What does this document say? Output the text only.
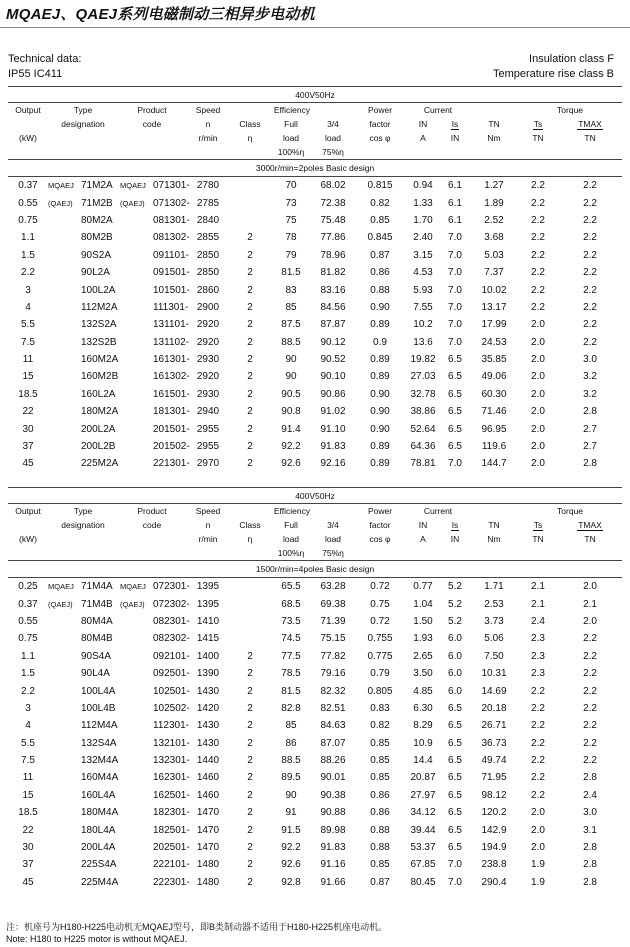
MQAEJ、QAEJ系列电磁制动三相异步电动机
Technical data:
IP55 IC411
Insulation class F
Temperature rise class B
400V50Hz												
Output	Type	Product	Speed	Efficiency			Power	Current			Torque	
	designation	code	n	Class	Full	3/4	factor	IN	Is	TN	Ts	TMAX
(kW)			r/min	η	load	load	cos φ	A	IN	Nm	TN	TN
					100%η	75%η						
3000r/min=2poles Basic design												
0.37	MQAEJ 71M2A	MQAEJ 071301-	2780		70	68.02	0.815	0.94	6.1	1.27	2.2	2.2
0.55	(QAEJ) 71M2B	(QAEJ) 071302-	2785		73	72.38	0.82	1.33	6.1	1.89	2.2	2.2
0.75	80M2A	081301-	2840		75	75.48	0.85	1.70	6.1	2.52	2.2	2.2
1.1	80M2B	081302-	2855	2	78	77.86	0.845	2.40	7.0	3.68	2.2	2.2
1.5	90S2A	091101-	2850	2	79	78.96	0.87	3.15	7.0	5.03	2.2	2.2
2.2	90L2A	091501-	2850	2	81.5	81.82	0.86	4.53	7.0	7.37	2.2	2.2
3	100L2A	101501-	2860	2	83	83.16	0.88	5.93	7.0	10.02	2.2	2.2
4	112M2A	111301-	2900	2	85	84.56	0.90	7.55	7.0	13.17	2.2	2.2
5.5	132S2A	131101-	2920	2	87.5	87.87	0.89	10.2	7.0	17.99	2.0	2.2
7.5	132S2B	131102-	2920	2	88.5	90.12	0.9	13.6	7.0	24.53	2.0	2.2
11	160M2A	161301-	2930	2	90	90.52	0.89	19.82	6.5	35.85	2.0	3.0
15	160M2B	161302-	2920	2	90	90.10	0.89	27.03	6.5	49.06	2.0	3.2
18.5	160L2A	161501-	2930	2	90.5	90.86	0.90	32.78	6.5	60.30	2.0	3.2
22	180M2A	181301-	2940	2	90.8	91.02	0.90	38.86	6.5	71.46	2.0	2.8
30	200L2A	201501-	2955	2	91.4	91.10	0.90	52.64	6.5	96.95	2.0	2.7
37	200L2B	201502-	2955	2	92.2	91.83	0.89	64.36	6.5	119.6	2.0	2.7
45	225M2A	221301-	2970	2	92.6	92.16	0.89	78.81	7.0	144.7	2.0	2.8
400V50Hz												
Output	Type	Product	Speed	Efficiency			Power	Current			Torque	
	designation	code	n	Class	Full	3/4	factor	IN	Is	TN	Ts	TMAX
(kW)			r/min	η	load	load	cos φ	A	IN	Nm	TN	TN
					100%η	75%η						
1500r/min=4poles Basic design												
0.25	MQAEJ 71M4A	MQAEJ 072301-	1395		65.5	63.28	0.72	0.77	5.2	1.71	2.1	2.0
0.37	(QAEJ) 71M4B	(QAEJ) 072302-	1395		68.5	69.38	0.75	1.04	5.2	2.53	2.1	2.1
0.55	80M4A	082301-	1410		73.5	71.39	0.72	1.50	5.2	3.73	2.4	2.0
0.75	80M4B	082302-	1415		74.5	75.15	0.755	1.93	6.0	5.06	2.3	2.2
1.1	90S4A	092101-	1400	2	77.5	77.82	0.775	2.65	6.0	7.50	2.3	2.2
1.5	90L4A	092501-	1390	2	78.5	79.16	0.79	3.50	6.0	10.31	2.3	2.2
2.2	100L4A	102501-	1430	2	81.5	82.32	0.805	4.85	6.0	14.69	2.2	2.2
3	100L4B	102502-	1420	2	82.8	82.51	0.83	6.30	6.5	20.18	2.2	2.2
4	112M4A	112301-	1430	2	85	84.63	0.82	8.29	6.5	26.71	2.2	2.2
5.5	132S4A	132101-	1430	2	86	87.07	0.85	10.9	6.5	36.73	2.2	2.2
7.5	132M4A	132301-	1440	2	88.5	88.26	0.85	14.4	6.5	49.74	2.2	2.2
11	160M4A	162301-	1460	2	89.5	90.01	0.85	20.87	6.5	71.95	2.2	2.8
15	160L4A	162501-	1460	2	90	90.38	0.86	27.97	6.5	98.12	2.2	2.4
18.5	180M4A	182301-	1470	2	91	90.88	0.86	34.12	6.5	120.2	2.0	3.0
22	180L4A	182501-	1470	2	91.5	89.98	0.88	39.44	6.5	142.9	2.0	3.1
30	200L4A	202501-	1470	2	92.2	91.83	0.88	53.37	6.5	194.9	2.0	2.8
37	225S4A	222101-	1480	2	92.6	91.16	0.85	67.85	7.0	238.8	1.9	2.8
45	225M4A	222301-	1480	2	92.8	91.66	0.87	80.45	7.0	290.4	1.9	2.8
注：机座号为H180-H225电动机无MQAEJ型号，即B类制动器不适用于H180-H225机座电动机。
Note: H180 to H225 motor is without MQAEJ.
